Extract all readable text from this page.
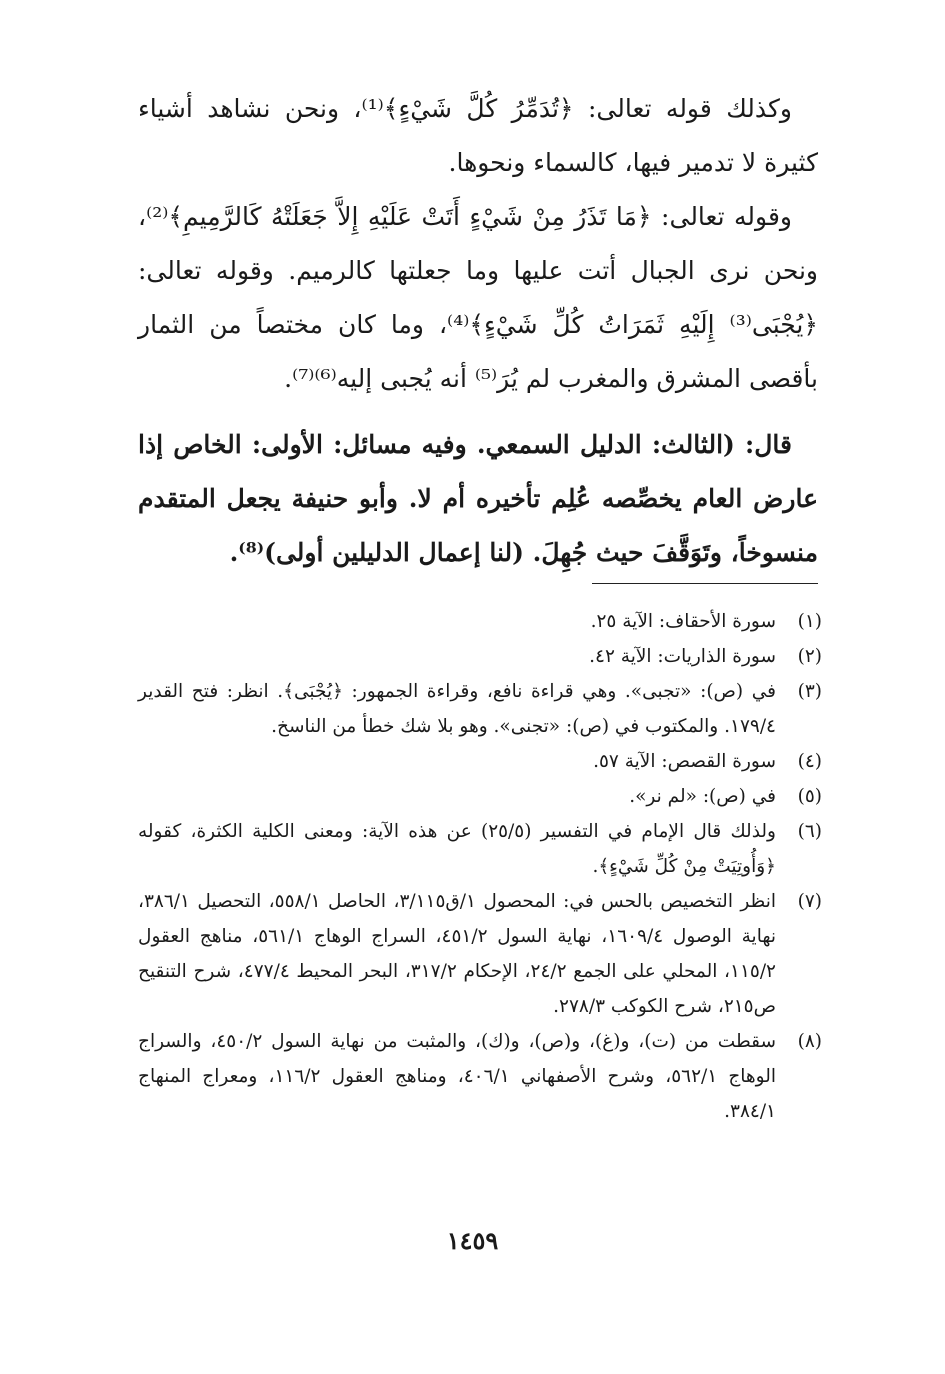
وكذلك قوله تعالى: ﴿تُدَمِّرُ كُلَّ شَيْءٍ﴾⁽¹⁾، ونحن نشاهد أشياء كثيرة لا تدمير فيها، كالسماء ونحوها.

وقوله تعالى: ﴿مَا تَذَرُ مِنْ شَيْءٍ أَتَتْ عَلَيْهِ إِلاَّ جَعَلَتْهُ كَالرَّمِيمِ﴾⁽²⁾، ونحن نرى الجبال أتت عليها وما جعلتها كالرميم. وقوله تعالى: ﴿يُجْبَى⁽³⁾ إِلَيْهِ ثَمَرَاتُ كُلِّ شَيْءٍ﴾⁽⁴⁾، وما كان مختصاً من الثمار بأقصى المشرق والمغرب لم يُرَ⁽⁵⁾ أنه يُجبى إليه⁽⁶⁾⁽⁷⁾.

قال: (الثالث: الدليل السمعي. وفيه مسائل: الأولى: الخاص إذا عارض العام يخصِّصه عُلِم تأخيره أم لا. وأبو حنيفة يجعل المتقدم منسوخاً، وتَوَقَّفَ حيث جُهِلَ. (لنا إعمال الدليلين أولى)⁽⁸⁾.

(١)
سورة الأحقاف: الآية ٢٥.
(٢)
سورة الذاريات: الآية ٤٢.
(٣)
في (ص): «تجبى». وهي قراءة نافع، وقراءة الجمهور: ﴿يُجْبَى﴾. انظر: فتح القدير ١٧٩/٤. والمكتوب في (ص): «تجنى». وهو بلا شك خطأ من الناسخ.
(٤)
سورة القصص: الآية ٥٧.
(٥)
في (ص): «لم نر».
(٦)
ولذلك قال الإمام في التفسير (٢٥/٥) عن هذه الآية: ومعنى الكلية الكثرة، كقوله ﴿وَأُوتِيَتْ مِنْ كُلِّ شَيْءٍ﴾.
(٧)
انظر التخصيص بالحس في: المحصول ١/ق٣/١١٥، الحاصل ٥٥٨/١، التحصيل ٣٨٦/١، نهاية الوصول ١٦٠٩/٤، نهاية السول ٤٥١/٢، السراج الوهاج ٥٦١/١، مناهج العقول ١١٥/٢، المحلي على الجمع ٢٤/٢، الإحكام ٣١٧/٢، البحر المحيط ٤٧٧/٤، شرح التنقيح ص٢١٥، شرح الكوكب ٢٧٨/٣.
(٨)
سقطت من (ت)، و(غ)، و(ص)، و(ك)، والمثبت من نهاية السول ٤٥٠/٢، والسراج الوهاج ٥٦٢/١، وشرح الأصفهاني ٤٠٦/١، ومناهج العقول ١١٦/٢، ومعراج المنهاج ٣٨٤/١.
١٤٥٩
